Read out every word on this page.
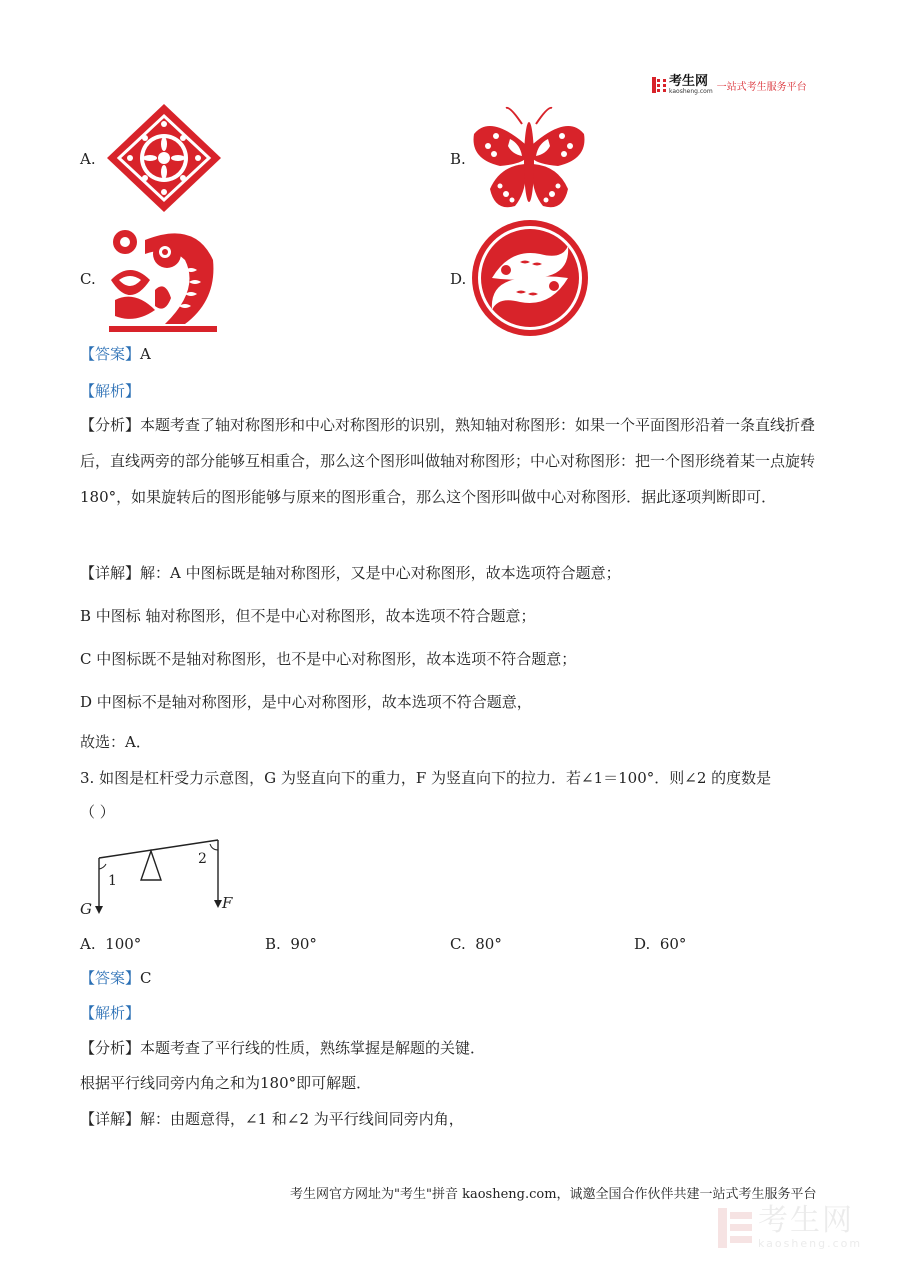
考生网
kaosheng.com 一站式考生服务平台
A.	B.
C.	D.
【答案】A
【解析】
【分析】本题考查了轴对称图形和中心对称图形的识别，熟知轴对称图形：如果一个平面图形沿着一条直线折叠后，直线两旁的部分能够互相重合，那么这个图形叫做轴对称图形；中心对称图形：把一个图形绕着某一点旋转180°，如果旋转后的图形能够与原来的图形重合，那么这个图形叫做中心对称图形．据此逐项判断即可．
【详解】解：A 中图标既是轴对称图形，又是中心对称图形，故本选项符合题意；
B 中图标 轴对称图形，但不是中心对称图形，故本选项不符合题意；
C 中图标既不是轴对称图形，也不是中心对称图形，故本选项不符合题意；
D 中图标不是轴对称图形，是中心对称图形，故本选项不符合题意，
故选：A．
3. 如图是杠杆受力示意图，G 为竖直向下的重力，F 为竖直向下的拉力．若∠1＝100°．则∠2 的度数是
（ ）
1
2
G	F
A. 100°	B. 90°	C. 80°	D. 60°
【答案】C
【解析】
【分析】本题考查了平行线的性质，熟练掌握是解题的关键．
根据平行线同旁内角之和为180°即可解题．
【详解】解：由题意得，∠1 和∠2 为平行线间同旁内角，
考生网官方网址为"考生"拼音 kaosheng.com，诚邀全国合作伙伴共建一站式考生服务平台
考生网
kaosheng.com
